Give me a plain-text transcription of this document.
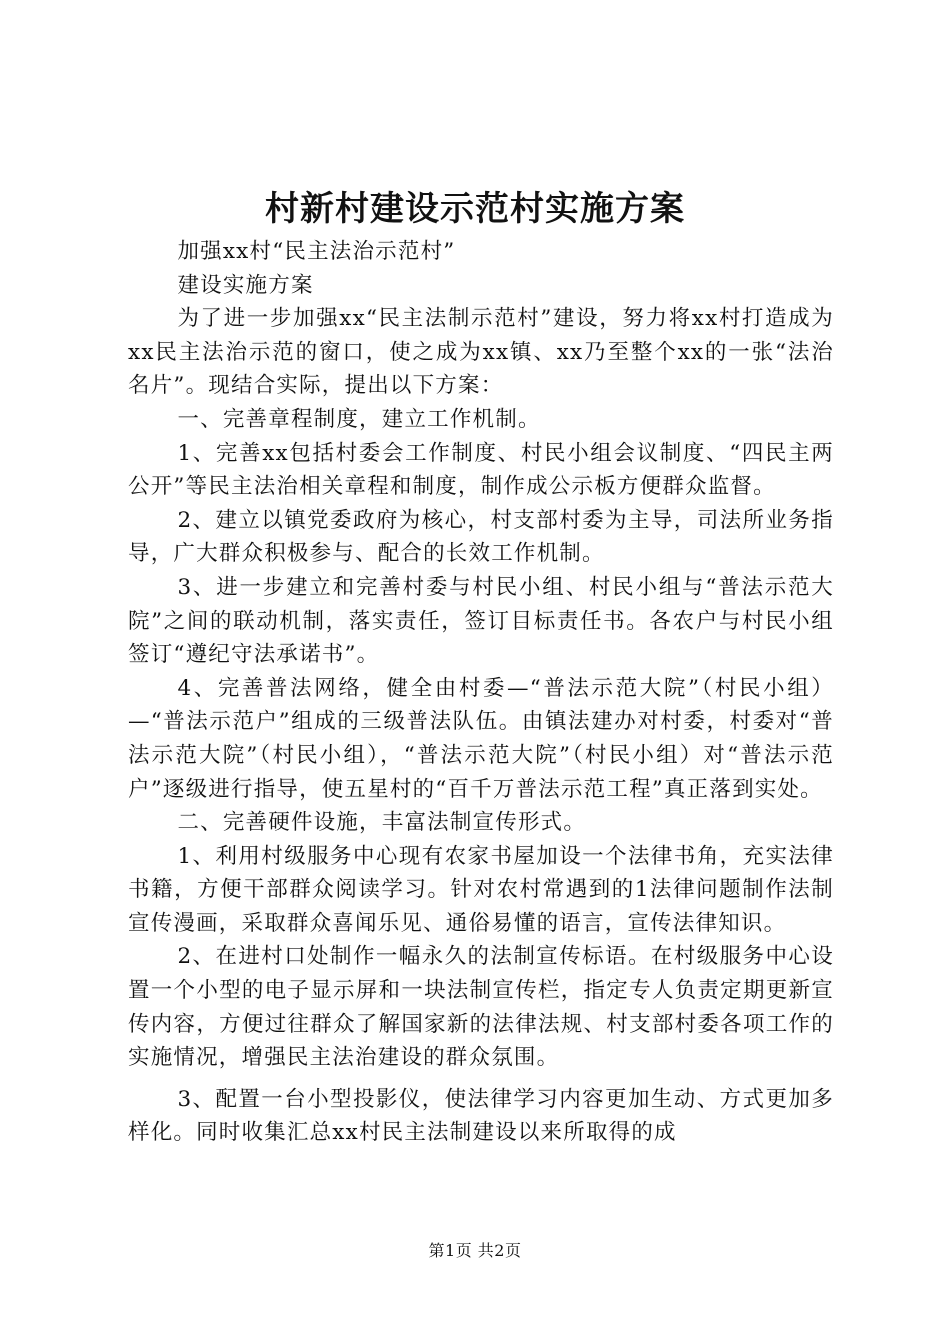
村新村建设示范村实施方案

加强xx村“民主法治示范村”

建设实施方案

为了进一步加强xx“民主法制示范村”建设，努力将xx村打造成为xx民主法治示范的窗口，使之成为xx镇、xx乃至整个xx的一张“法治名片”。现结合实际，提出以下方案：

一、完善章程制度，建立工作机制。

1、完善xx包括村委会工作制度、村民小组会议制度、“四民主两公开”等民主法治相关章程和制度，制作成公示板方便群众监督。

2、建立以镇党委政府为核心，村支部村委为主导，司法所业务指导，广大群众积极参与、配合的长效工作机制。

3、进一步建立和完善村委与村民小组、村民小组与“普法示范大院”之间的联动机制，落实责任，签订目标责任书。各农户与村民小组签订“遵纪守法承诺书”。

4、完善普法网络，健全由村委—“普法示范大院”（村民小组）—“普法示范户”组成的三级普法队伍。由镇法建办对村委，村委对“普法示范大院”（村民小组），“普法示范大院”（村民小组）对“普法示范户”逐级进行指导，使五星村的“百千万普法示范工程”真正落到实处。

二、完善硬件设施，丰富法制宣传形式。

1、利用村级服务中心现有农家书屋加设一个法律书角，充实法律书籍，方便干部群众阅读学习。针对农村常遇到的1法律问题制作法制宣传漫画，采取群众喜闻乐见、通俗易懂的语言，宣传法律知识。

2、在进村口处制作一幅永久的法制宣传标语。在村级服务中心设置一个小型的电子显示屏和一块法制宣传栏，指定专人负责定期更新宣传内容，方便过往群众了解国家新的法律法规、村支部村委各项工作的实施情况，增强民主法治建设的群众氛围。

3、配置一台小型投影仪，使法律学习内容更加生动、方式更加多样化。同时收集汇总xx村民主法制建设以来所取得的成

第1页 共2页
